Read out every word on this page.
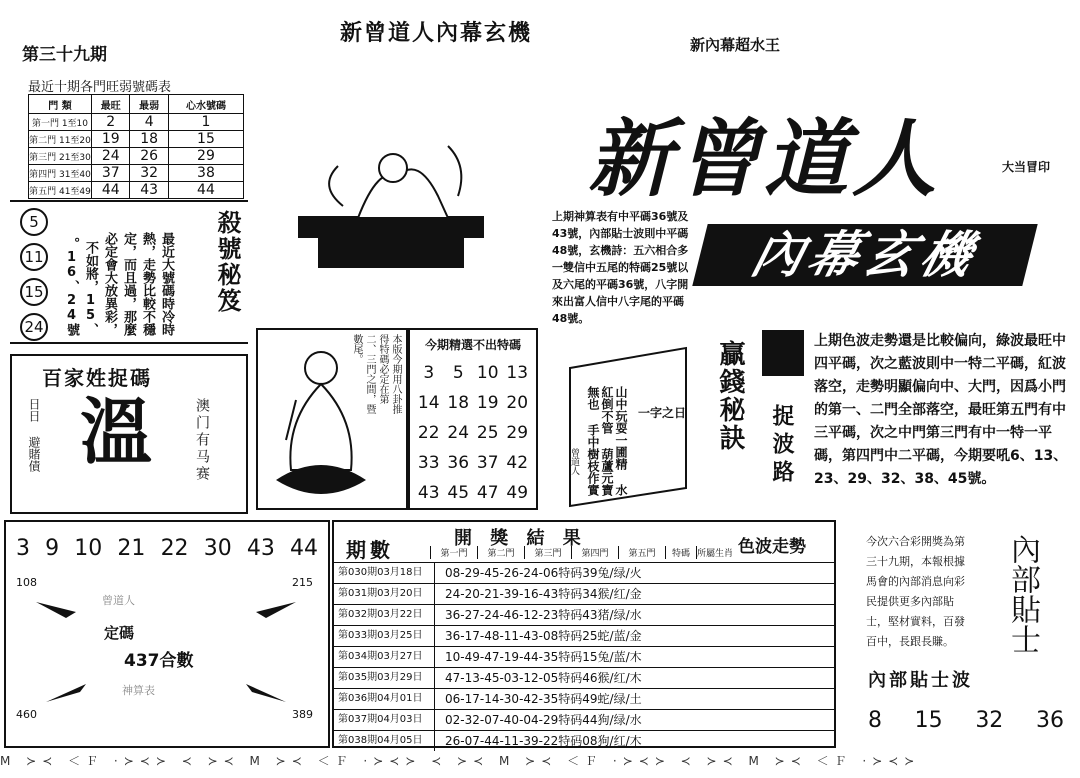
第三十九期
新曾道人內幕玄機	新內幕超水王
最近十期各門旺弱號碼表
門 類	最旺	最弱	心水號碼
第一門 1至10	2	4	1
第二門 11至20	19	18	15
第三門 21至30	24	26	29
第四門 31至40	37	32	38
第五門 41至49	44	43	44
5
11
15
24	最近大號碼時冷時 熱，走勢比較不穩 定，而且過，那麼 必定會大放異彩， 不如將，15、16、24號。	殺號秘笈
百家姓捉碼
日日 避賭債 溫	澳门有马赛
新曾道人	大当冒印
內幕玄機
上期神算表有中平碼36號及43號，內部貼士波則中平碼48號，玄機詩：五六相合多一雙信中五尾的特碼25號以及六尾的平碼36號，八字開來出富人信中八字尾的平碼48號。
本版今期用八卦推得特碼必定在第二、三門之間，暨數尾。	今期精選不出特碼
3	5 10 13
14 18 19 20
22 24 25 29
33 36 37 42
43 45 47 49
山中玩耍一圃精 水紅倒不管 葫蘆元寶無也 手中樹枝作實
曾道人
一字之日 贏錢秘訣 捉波路
上期色波走勢還是比較偏向，綠波最旺中四平碼，次之藍波則中一特二平碼，紅波落空，走勢明顯偏向中、大門，因爲小門的第一、二門全部落空，最旺第五門有中三平碼，次之中門第三門有中一特一平碼，第四門中二平碼，今期要吼6、13、23、29、32、38、45號。
3 9 10 21 22 30 43 44
108	215
460	389
曾道人
定碼
437合數
神算表
期數	開 獎 結 果	色波走勢
第一門	第二門	第三門	第四門	第五門	特碼 所屬生肖
第030期03月18日	08-29-45-26-24-06特码39兔/绿/火
第031期03月20日	24-20-21-39-16-43特码34猴/红/金
第032期03月22日	36-27-24-46-12-23特码43猪/绿/水
第033期03月25日	36-17-48-11-43-08特码25蛇/蓝/金
第034期03月27日	10-49-47-19-44-35特码15兔/蓝/木
第035期03月29日	47-13-45-03-12-05特码46猴/红/木
第036期04月01日	06-17-14-30-42-35特码49蛇/绿/土
第037期04月03日	02-32-07-40-04-29特码44狗/绿/水
第038期04月05日	26-07-44-11-39-22特码08狗/红/木
今次六合彩開獎為第三十九期，本報根據馬會的內部消息向彩民提供更多內部貼士，堅材實料，百發百中，長跟長賺。	內部貼士
內部貼士波
8 15 32 36
M ≻≺ ＜Ｆ ·≻≺≻ ≺ ≻≺ M ≻≺ ＜Ｆ ·≻≺≻ ≺ ≻≺ M ≻≺ ＜Ｆ ·≻≺≻ ≺ ≻≺ M ≻≺ ＜Ｆ ·≻≺≻
